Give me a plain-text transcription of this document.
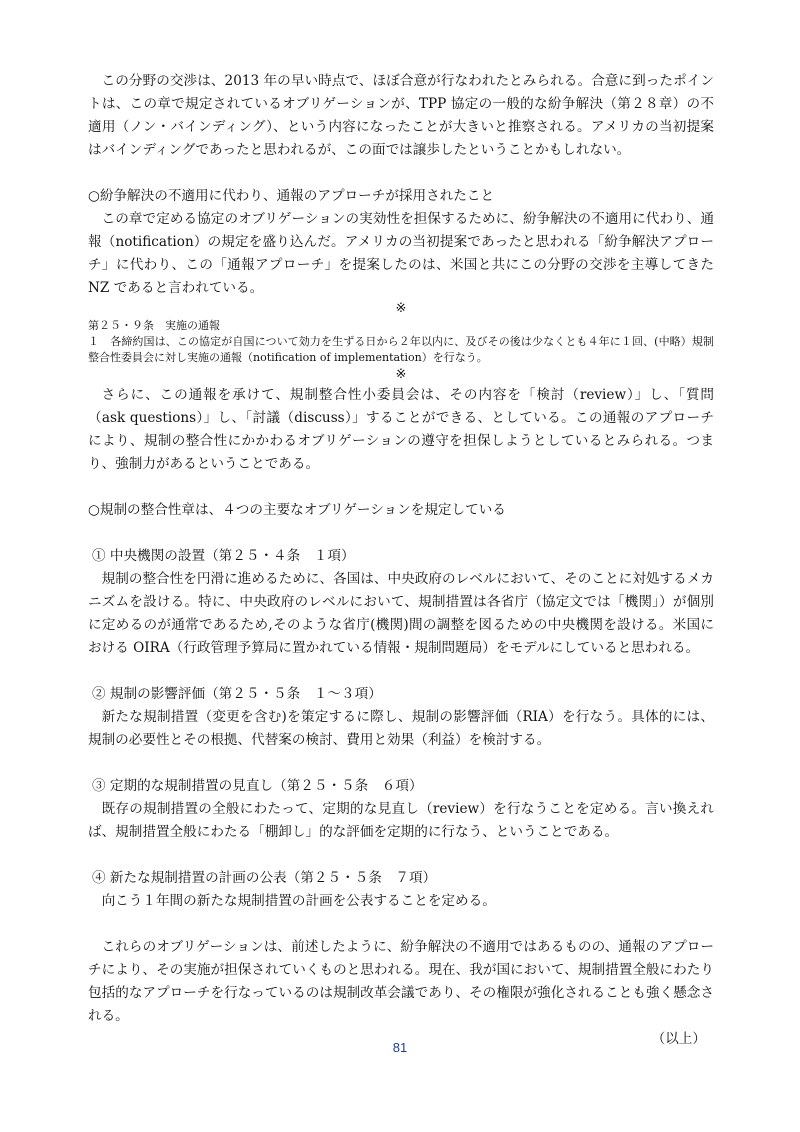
この分野の交渉は、2013 年の早い時点で、ほぼ合意が行なわれたとみられる。合意に到ったポイントは、この章で規定されているオブリゲーションが、TPP 協定の一般的な紛争解決（第２８章）の不適用（ノン・バインディング）、という内容になったことが大きいと推察される。アメリカの当初提案はバインディングであったと思われるが、この面では譲歩したということかもしれない。

○紛争解決の不適用に代わり、通報のアプローチが採用されたこと

この章で定める協定のオブリゲーションの実効性を担保するために、紛争解決の不適用に代わり、通報（notification）の規定を盛り込んだ。アメリカの当初提案であったと思われる「紛争解決アプローチ」に代わり、この「通報アプローチ」を提案したのは、米国と共にこの分野の交渉を主導してきた NZ であると言われている。

※

第２５・９条　実施の通報

１　各締約国は、この協定が自国について効力を生ずる日から２年以内に、及びその後は少なくとも４年に１回、(中略）規制整合性委員会に対し実施の通報（notification of implementation）を行なう。

※

さらに、この通報を承けて、規制整合性小委員会は、その内容を「検討（review）」し、「質問（ask questions）」し、「討議（discuss）」することができる、としている。この通報のアプローチにより、規制の整合性にかかわるオブリゲーションの遵守を担保しようとしているとみられる。つまり、強制力があるということである。

○規制の整合性章は、４つの主要なオブリゲーションを規定している

① 中央機関の設置（第２５・４条　１項）

規制の整合性を円滑に進めるために、各国は、中央政府のレベルにおいて、そのことに対処するメカニズムを設ける。特に、中央政府のレベルにおいて、規制措置は各省庁（協定文では「機関」）が個別に定めるのが通常であるため,そのような省庁(機関)間の調整を図るための中央機関を設ける。米国における OIRA（行政管理予算局に置かれている情報・規制問題局）をモデルにしていると思われる。

② 規制の影響評価（第２５・５条　１～３項）

新たな規制措置（変更を含む)を策定するに際し、規制の影響評価（RIA）を行なう。具体的には、規制の必要性とその根拠、代替案の検討、費用と効果（利益）を検討する。

③ 定期的な規制措置の見直し（第２５・５条　６項）

既存の規制措置の全般にわたって、定期的な見直し（review）を行なうことを定める。言い換えれば、規制措置全般にわたる「棚卸し」的な評価を定期的に行なう、ということである。

④ 新たな規制措置の計画の公表（第２５・５条　７項）

向こう１年間の新たな規制措置の計画を公表することを定める。

これらのオブリゲーションは、前述したように、紛争解決の不適用ではあるものの、通報のアプローチにより、その実施が担保されていくものと思われる。現在、我が国において、規制措置全般にわたり包括的なアプローチを行なっているのは規制改革会議であり、その権限が強化されることも強く懸念される。

（以上）

81
